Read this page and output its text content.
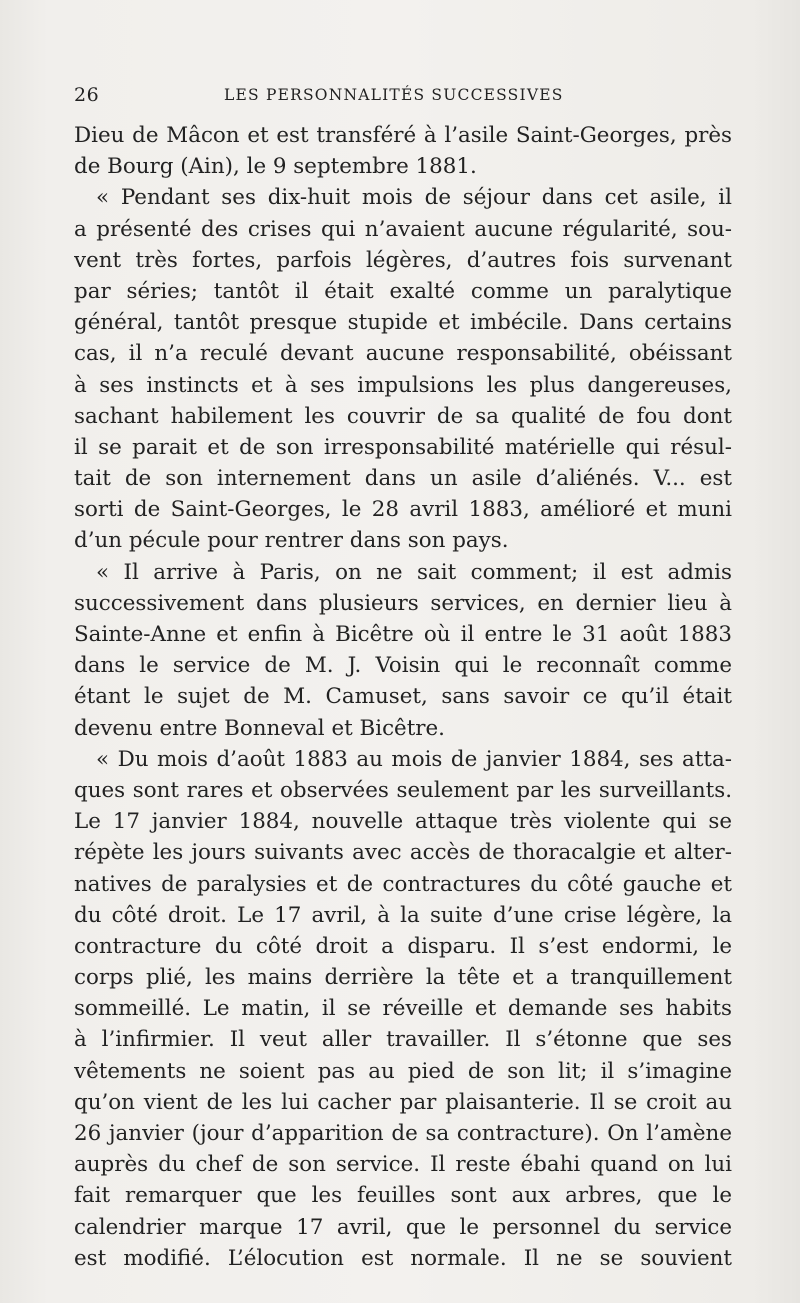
26	LES PERSONNALITÉS SUCCESSIVES
Dieu de Mâcon et est transféré à l’asile Saint-Georges, près
de Bourg (Ain), le 9 septembre 1881.
« Pendant ses dix-huit mois de séjour dans cet asile, il
a présenté des crises qui n’avaient aucune régularité, sou-
vent très fortes, parfois légères, d’autres fois survenant
par séries; tantôt il était exalté comme un paralytique
général, tantôt presque stupide et imbécile. Dans certains
cas, il n’a reculé devant aucune responsabilité, obéissant
à ses instincts et à ses impulsions les plus dangereuses,
sachant habilement les couvrir de sa qualité de fou dont
il se parait et de son irresponsabilité matérielle qui résul-
tait de son internement dans un asile d’aliénés. V... est
sorti de Saint-Georges, le 28 avril 1883, amélioré et muni
d’un pécule pour rentrer dans son pays.
« Il arrive à Paris, on ne sait comment; il est admis
successivement dans plusieurs services, en dernier lieu à
Sainte-Anne et enfin à Bicêtre où il entre le 31 août 1883
dans le service de M. J. Voisin qui le reconnaît comme
étant le sujet de M. Camuset, sans savoir ce qu’il était
devenu entre Bonneval et Bicêtre.
« Du mois d’août 1883 au mois de janvier 1884, ses atta-
ques sont rares et observées seulement par les surveillants.
Le 17 janvier 1884, nouvelle attaque très violente qui se
répète les jours suivants avec accès de thoracalgie et alter-
natives de paralysies et de contractures du côté gauche et
du côté droit. Le 17 avril, à la suite d’une crise légère, la
contracture du côté droit a disparu. Il s’est endormi, le
corps plié, les mains derrière la tête et a tranquillement
sommeillé. Le matin, il se réveille et demande ses habits
à l’infirmier. Il veut aller travailler. Il s’étonne que ses
vêtements ne soient pas au pied de son lit; il s’imagine
qu’on vient de les lui cacher par plaisanterie. Il se croit au
26 janvier (jour d’apparition de sa contracture). On l’amène
auprès du chef de son service. Il reste ébahi quand on lui
fait remarquer que les feuilles sont aux arbres, que le
calendrier marque 17 avril, que le personnel du service
est modifié. L’élocution est normale. Il ne se souvient
